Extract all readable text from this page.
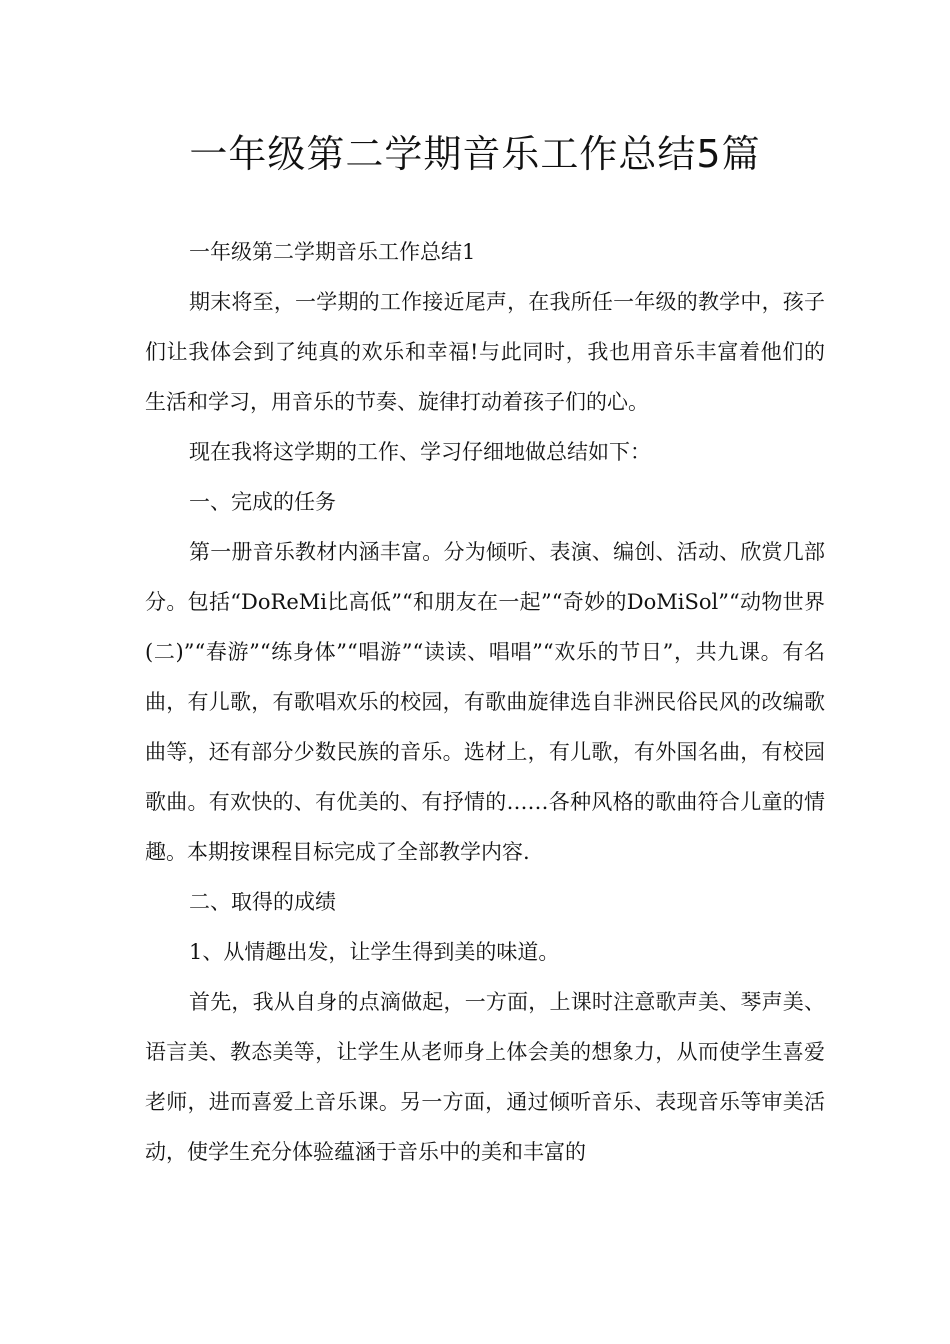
一年级第二学期音乐工作总结5篇

一年级第二学期音乐工作总结1

期末将至，一学期的工作接近尾声，在我所任一年级的教学中，孩子们让我体会到了纯真的欢乐和幸福!与此同时，我也用音乐丰富着他们的生活和学习，用音乐的节奏、旋律打动着孩子们的心。

现在我将这学期的工作、学习仔细地做总结如下：

一、完成的任务

第一册音乐教材内涵丰富。分为倾听、表演、编创、活动、欣赏几部分。包括“DoReMi比高低”“和朋友在一起”“奇妙的DoMiSol”“动物世界(二)”“春游”“练身体”“唱游”“读读、唱唱”“欢乐的节日”，共九课。有名曲，有儿歌，有歌唱欢乐的校园，有歌曲旋律选自非洲民俗民风的改编歌曲等，还有部分少数民族的音乐。选材上，有儿歌，有外国名曲，有校园歌曲。有欢快的、有优美的、有抒情的……各种风格的歌曲符合儿童的情趣。本期按课程目标完成了全部教学内容.

二、取得的成绩

1、从情趣出发，让学生得到美的味道。

首先，我从自身的点滴做起，一方面，上课时注意歌声美、琴声美、语言美、教态美等，让学生从老师身上体会美的想象力，从而使学生喜爱老师，进而喜爱上音乐课。另一方面，通过倾听音乐、表现音乐等审美活动，使学生充分体验蕴涵于音乐中的美和丰富的
